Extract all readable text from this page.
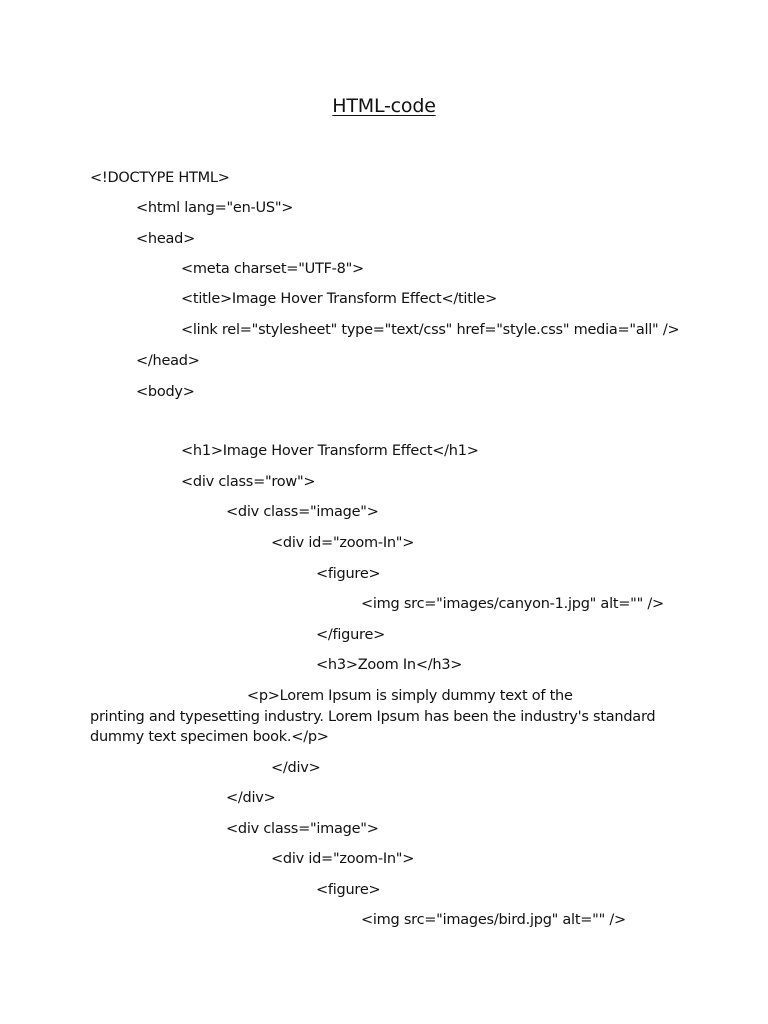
HTML-code
<!DOCTYPE HTML>
<html lang="en-US">
<head>
<meta charset="UTF-8">
<title>Image Hover Transform Effect</title>
<link rel="stylesheet" type="text/css" href="style.css" media="all" />
</head>
<body>
<h1>Image Hover Transform Effect</h1>
<div class="row">
<div class="image">
<div id="zoom-In">
<figure>
<img src="images/canyon-1.jpg" alt="" />
</figure>
<h3>Zoom In</h3>
<p>Lorem Ipsum is simply dummy text of the
printing and typesetting industry. Lorem Ipsum has been the industry's standard
dummy text specimen book.</p>
</div>
</div>
<div class="image">
<div id="zoom-In">
<figure>
<img src="images/bird.jpg" alt="" />
